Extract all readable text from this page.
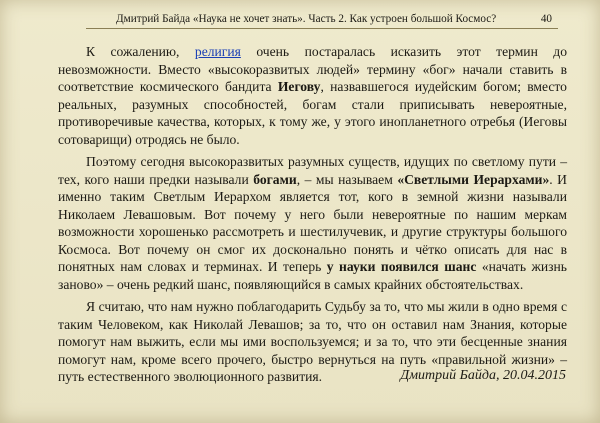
Дмитрий Байда «Наука не хочет знать». Часть 2. Как устроен большой Космос?	40

К сожалению, религия очень постаралась исказить этот термин до невозможности. Вместо «высокоразвитых людей» термину «бог» начали ставить в соответствие космического бандита Иегову, назвавшегося иудейским богом; вместо реальных, разумных способностей, богам стали приписывать невероятные, противоречивые качества, которых, к тому же, у этого инопланетного отребья (Иеговы сотоварищи) отродясь не было.

Поэтому сегодня высокоразвитых разумных существ, идущих по светлому пути – тех, кого наши предки называли богами, – мы называем «Светлыми Иерархами». И именно таким Светлым Иерархом является тот, кого в земной жизни называли Николаем Левашовым. Вот почему у него были невероятные по нашим меркам возможности хорошенько рассмотреть и шестилучевик, и другие структуры большого Космоса. Вот почему он смог их досконально понять и чётко описать для нас в понятных нам словах и терминах. И теперь у науки появился шанс «начать жизнь заново» – очень редкий шанс, появляющийся в самых крайних обстоятельствах.

Я считаю, что нам нужно поблагодарить Судьбу за то, что мы жили в одно время с таким Человеком, как Николай Левашов; за то, что он оставил нам Знания, которые помогут нам выжить, если мы ими воспользуемся; и за то, что эти бесценные знания помогут нам, кроме всего прочего, быстро вернуться на путь «правильной жизни» – путь естественного эволюционного развития.	Дмитрий Байда, 20.04.2015
